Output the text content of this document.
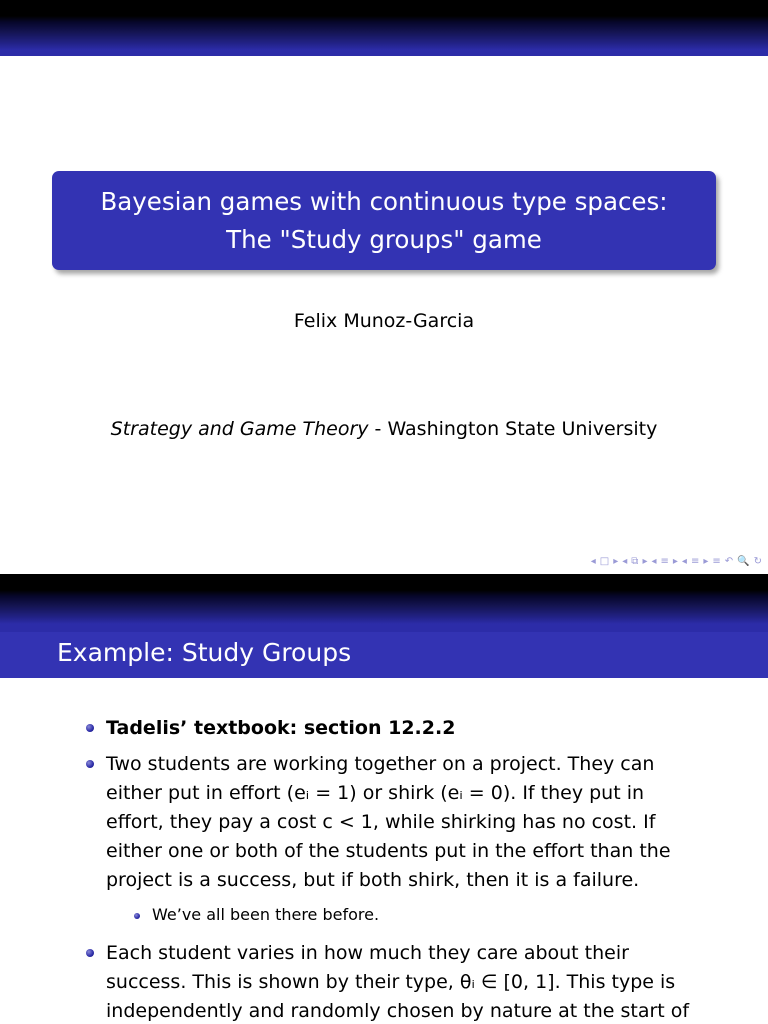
Bayesian games with continuous type spaces:
The "Study groups" game
Felix Munoz-Garcia
Strategy and Game Theory - Washington State University
◂ □ ▸ ◂ ⧉ ▸ ◂ ≡ ▸ ◂ ≡ ▸ ≡ ↶ 🔍 ↻
Example: Study Groups
Tadelis’ textbook: section 12.2.2
Two students are working together on a project. They can
either put in effort (eᵢ = 1) or shirk (eᵢ = 0). If they put in
effort, they pay a cost c < 1, while shirking has no cost. If
either one or both of the students put in the effort than the
project is a success, but if both shirk, then it is a failure.
We’ve all been there before.
Each student varies in how much they care about their
success. This is shown by their type, θᵢ ∈ [0, 1]. This type is
independently and randomly chosen by nature at the start of
